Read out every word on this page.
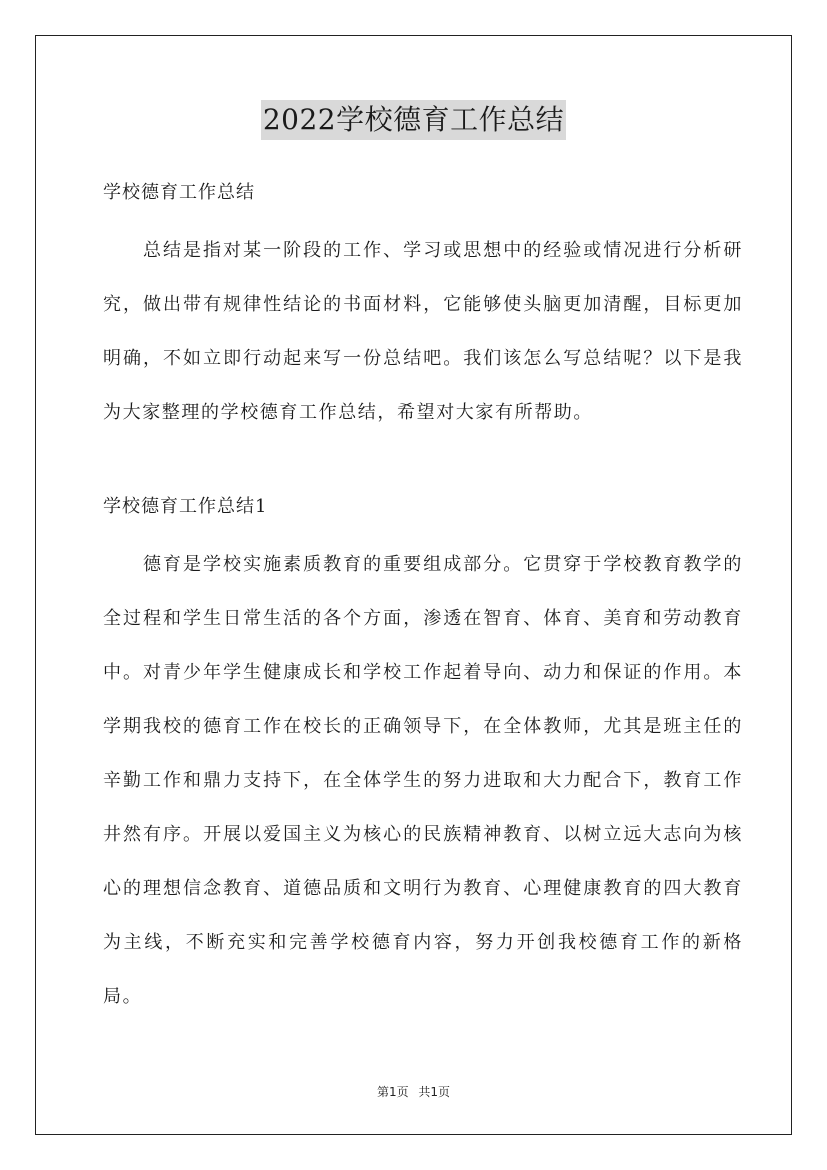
2022学校德育工作总结

学校德育工作总结

总结是指对某一阶段的工作、学习或思想中的经验或情况进行分析研究，做出带有规律性结论的书面材料，它能够使头脑更加清醒，目标更加明确，不如立即行动起来写一份总结吧。我们该怎么写总结呢？以下是我为大家整理的学校德育工作总结，希望对大家有所帮助。

学校德育工作总结1

德育是学校实施素质教育的重要组成部分。它贯穿于学校教育教学的全过程和学生日常生活的各个方面，渗透在智育、体育、美育和劳动教育中。对青少年学生健康成长和学校工作起着导向、动力和保证的作用。本学期我校的德育工作在校长的正确领导下，在全体教师，尤其是班主任的辛勤工作和鼎力支持下，在全体学生的努力进取和大力配合下，教育工作井然有序。开展以爱国主义为核心的民族精神教育、以树立远大志向为核心的理想信念教育、道德品质和文明行为教育、心理健康教育的四大教育为主线，不断充实和完善学校德育内容，努力开创我校德育工作的新格局。

第1页 共1页
